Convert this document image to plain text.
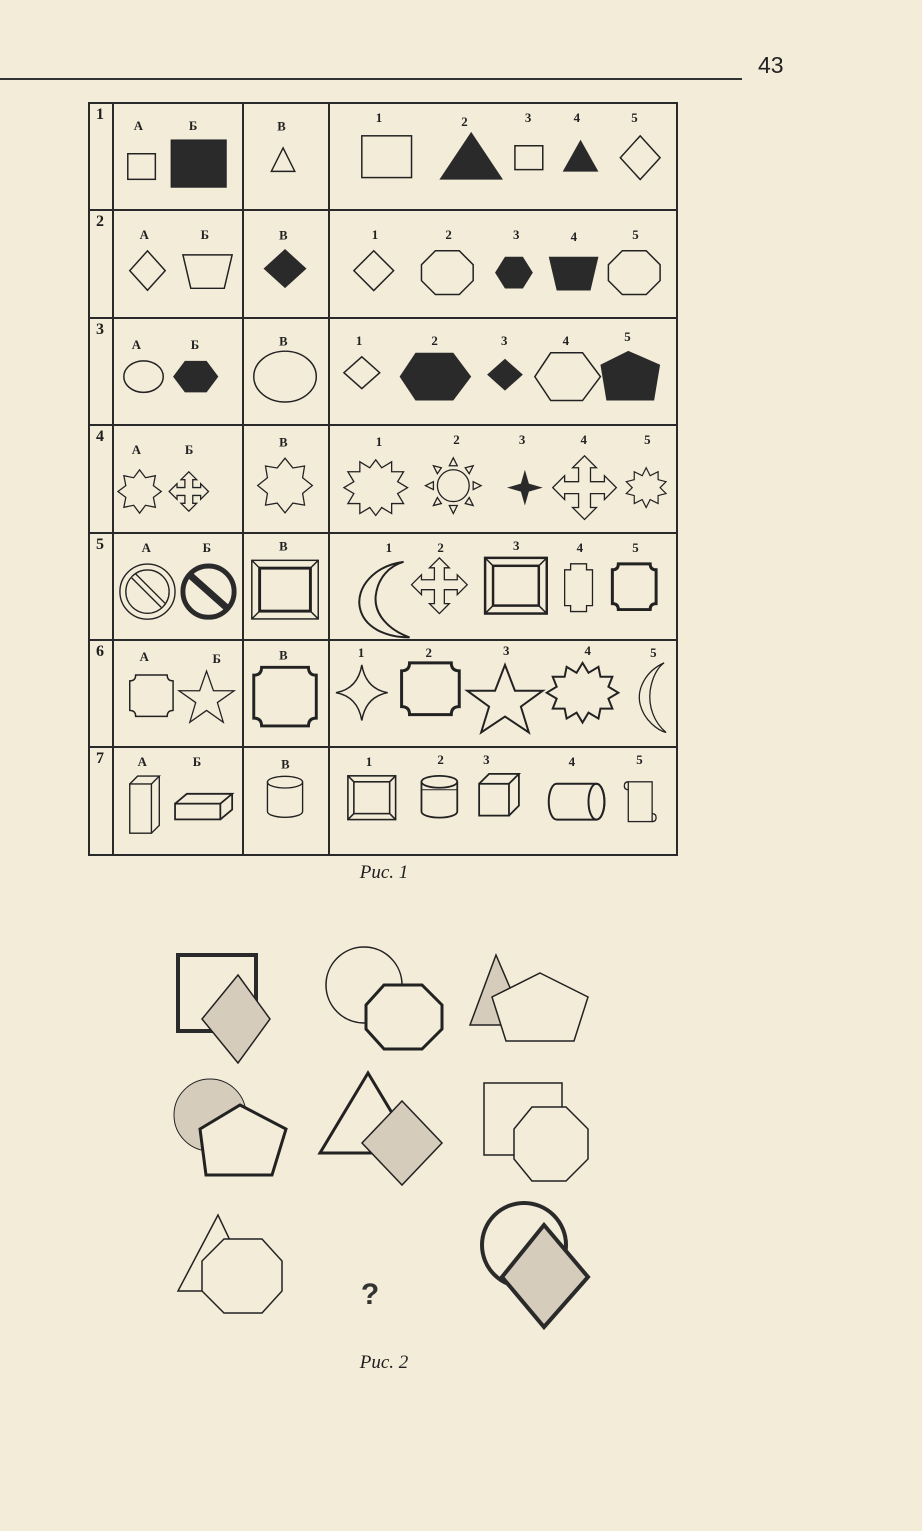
43
1	А Б	В	1 2 3 4 5

2	А Б	В	1 2 3 4 5

3	А Б	В	1 2 3 4 5

4	А Б	В	1 2 3 4 5

5	А Б	В	1 2 3 4 5

6	А Б	В	1 2 3 4 5

7	А Б	В	1 2 3 4 5
Рис. 1
?
Рис. 2
